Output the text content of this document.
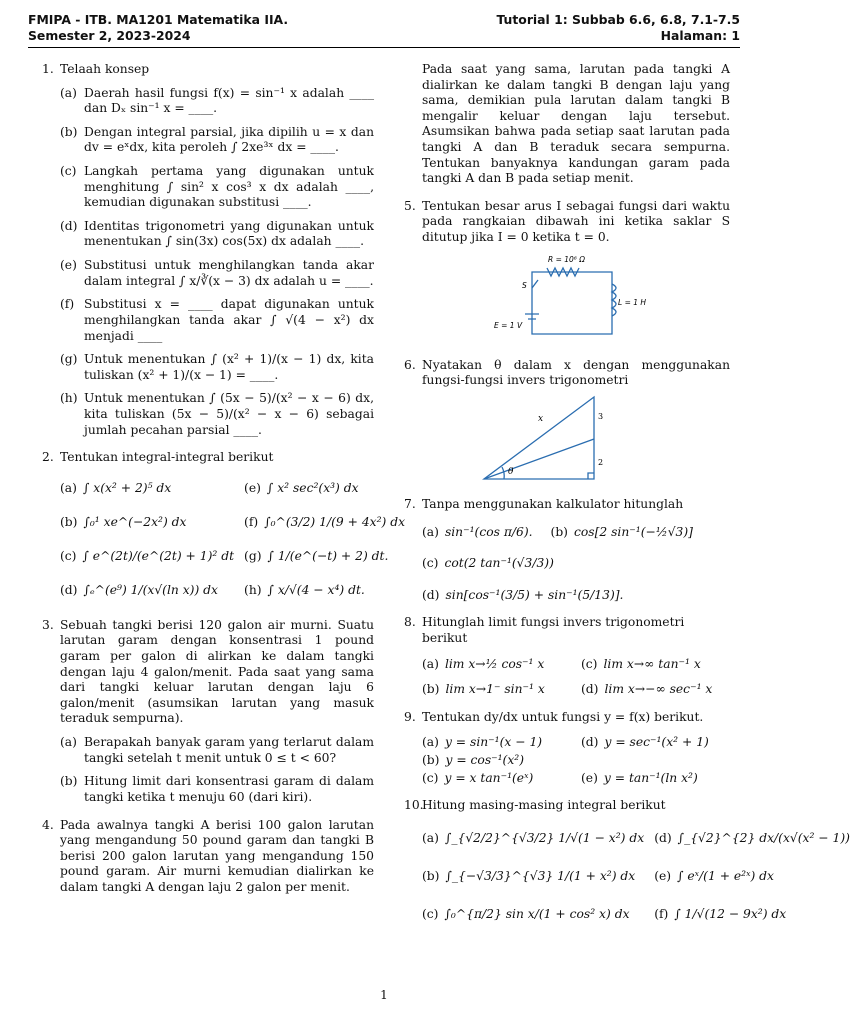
FMIPA - ITB. MA1201 Matematika IIA.
Semester 2, 2023-2024
Tutorial 1: Subbab 6.6, 6.8, 7.1-7.5
Halaman: 1
1. Telaah konsep
(a) Daerah hasil fungsi f(x) = sin⁻¹ x adalah ____ dan Dₓ sin⁻¹ x = ____.
(b) Dengan integral parsial, jika dipilih u = x dan dv = eˣdx, kita peroleh ∫ 2xe³ˣ dx = ____.
(c) Langkah pertama yang digunakan untuk menghitung ∫ sin² x cos³ x dx adalah ____, kemudian digunakan substitusi ____.
(d) Identitas trigonometri yang digunakan untuk menentukan ∫ sin(3x) cos(5x) dx adalah ____.
(e) Substitusi untuk menghilangkan tanda akar dalam integral ∫ x/∛(x − 3) dx adalah u = ____.
(f) Substitusi x = ____ dapat digunakan untuk menghilangkan tanda akar ∫ √(4 − x²) dx menjadi ____
(g) Untuk menentukan ∫ (x² + 1)/(x − 1) dx, kita tuliskan (x² + 1)/(x − 1) = ____.
(h) Untuk menentukan ∫ (5x − 5)/(x² − x − 6) dx, kita tuliskan (5x − 5)/(x² − x − 6) sebagai jumlah pecahan parsial ____.
2. Tentukan integral-integral berikut
(a) ∫ x(x² + 2)⁵ dx	(e) ∫ x² sec²(x³) dx
(b) ∫₀¹ xe^(−2x²) dx	(f) ∫₀^(3/2) 1/(9 + 4x²) dx
(c) ∫ e^(2t)/(e^(2t) + 1)² dt (g) ∫ 1/(e^(−t) + 2) dt.
(d) ∫ₑ^(e⁹) 1/(x√(ln x)) dx (h) ∫ x/√(4 − x⁴) dt.
3. Sebuah tangki berisi 120 galon air murni. Suatu larutan garam dengan konsentrasi 1 pound garam per galon di alirkan ke dalam tangki dengan laju 4 galon/menit. Pada saat yang sama dari tangki keluar larutan dengan laju 6 galon/menit (asumsikan larutan yang masuk teraduk sempurna).

(a) Berapakah banyak garam yang terlarut dalam tangki setelah t menit untuk 0 ≤ t < 60?
(b) Hitung limit dari konsentrasi garam di dalam tangki ketika t menuju 60 (dari kiri).
4. Pada awalnya tangki A berisi 100 galon larutan yang mengandung 50 pound garam dan tangki B berisi 200 galon larutan yang mengandung 150 pound garam. Air murni kemudian dialirkan ke dalam tangki A dengan laju 2 galon per menit.

Pada saat yang sama, larutan pada tangki A dialirkan ke dalam tangki B dengan laju yang sama, demikian pula larutan dalam tangki B mengalir keluar dengan laju tersebut. Asumsikan bahwa pada setiap saat larutan pada tangki A dan B teraduk secara sempurna. Tentukan banyaknya kandungan garam pada tangki A dan B pada setiap menit.

5. Tentukan besar arus I sebagai fungsi dari waktu pada rangkaian dibawah ini ketika saklar S ditutup jika I = 0 ketika t = 0.

R = 10⁶ Ω
S
L = 1 H
E = 1 V
6. Nyatakan θ dalam x dengan menggunakan fungsi-fungsi invers trigonometri

x
θ
3
2
7. Tanpa menggunakan kalkulator hitunglah
(a) sin⁻¹(cos π/6). (b) cos[2 sin⁻¹(−½√3)]
(c) cot(2 tan⁻¹(√3/3))
(d) sin[cos⁻¹(3/5) + sin⁻¹(5/13)].
8. Hitunglah limit fungsi invers trigonometri berikut
(a) lim x→½ cos⁻¹ x	(c) lim x→∞ tan⁻¹ x
(b) lim x→1⁻ sin⁻¹ x	(d) lim x→−∞ sec⁻¹ x
9. Tentukan dy/dx untuk fungsi y = f(x) berikut.
(a) y = sin⁻¹(x − 1)	(d) y = sec⁻¹(x² + 1)
(b) y = cos⁻¹(x²)
(c) y = x tan⁻¹(eˣ)	(e) y = tan⁻¹(ln x²)
10.
Hitung masing-masing integral berikut
(a) ∫_{√2/2}^{√3/2} 1/√(1 − x²) dx (d) ∫_{√2}^{2} dx/(x√(x² − 1))
(b) ∫_{−√3/3}^{√3} 1/(1 + x²) dx (e) ∫ eˣ/(1 + e²ˣ) dx
(c) ∫₀^{π/2} sin x/(1 + cos² x) dx (f) ∫ 1/√(12 − 9x²) dx
1
